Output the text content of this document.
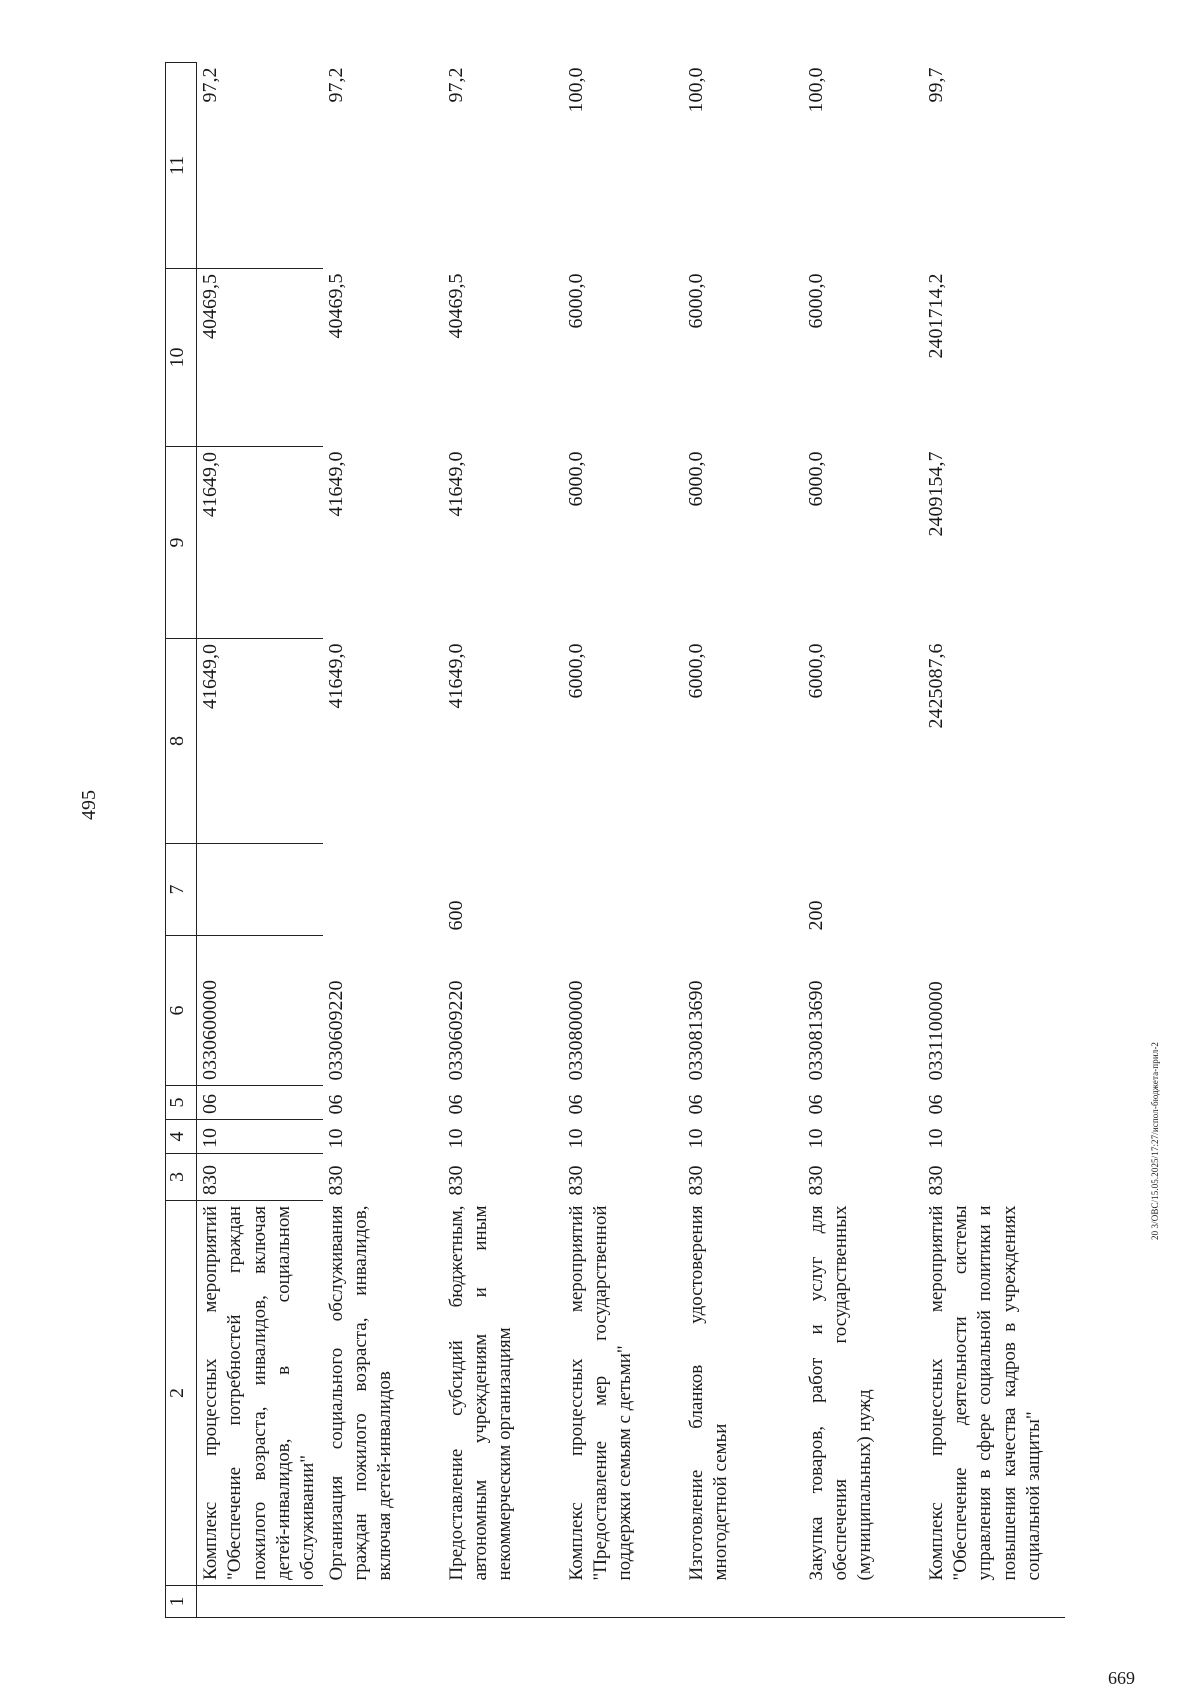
495
1	2	3	4	5	6	7	8	9	10	11
	Комплекс процессных мероприятий "Обеспечение потребностей граждан пожилого возраста, инвалидов, включая детей-инвалидов, в социальном обслуживании"	830	10	06	0330600000		41649,0	41649,0	40469,5	97,2
	Организация социального обслуживания граждан пожилого возраста, инвалидов, включая детей-инвалидов	830	10	06	0330609220		41649,0	41649,0	40469,5	97,2
	Предоставление субсидий бюджетным, автономным учреждениям и иным некоммерческим организациям	830	10	06	0330609220	600	41649,0	41649,0	40469,5	97,2
	Комплекс процессных мероприятий "Предоставление мер государственной поддержки семьям с детьми"	830	10	06	0330800000		6000,0	6000,0	6000,0	100,0
	Изготовление бланков удостоверения многодетной семьи	830	10	06	0330813690		6000,0	6000,0	6000,0	100,0
	Закупка товаров, работ и услуг для обеспечения государственных (муниципальных) нужд	830	10	06	0330813690	200	6000,0	6000,0	6000,0	100,0
	Комплекс процессных мероприятий "Обеспечение деятельности системы управления в сфере социальной политики и повышения качества кадров в учреждениях социальной защиты"	830	10	06	0331100000		2425087,6	2409154,7	2401714,2	99,7
20 3/ОВС/15.05.2025/17:27/испол-бюджета-прил-2
669
